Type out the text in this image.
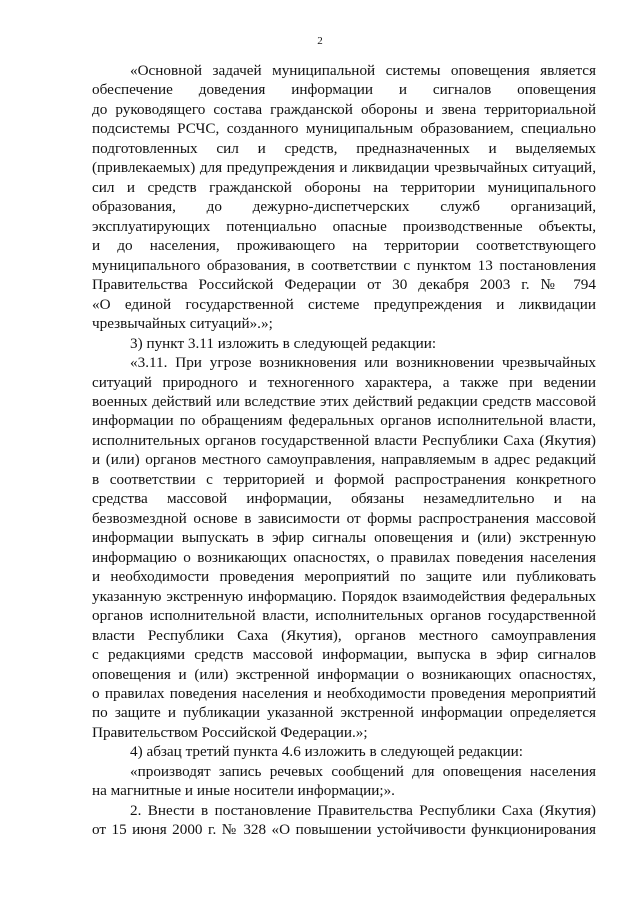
2
«Основной задачей муниципальной системы оповещения является
обеспечение доведения информации и сигналов оповещения
до руководящего состава гражданской обороны и звена территориальной
подсистемы РСЧС, созданного муниципальным образованием, специально
подготовленных сил и средств, предназначенных и выделяемых
(привлекаемых) для предупреждения и ликвидации чрезвычайных ситуаций,
сил и средств гражданской обороны на территории муниципального
образования, до дежурно-диспетчерских служб организаций,
эксплуатирующих потенциально опасные производственные объекты,
и до населения, проживающего на территории соответствующего
муниципального образования, в соответствии с пунктом 13 постановления
Правительства Российской Федерации от 30 декабря 2003 г. № 794
«О единой государственной системе предупреждения и ликвидации
чрезвычайных ситуаций».»;
3) пункт 3.11 изложить в следующей редакции:
«3.11. При угрозе возникновения или возникновении чрезвычайных
ситуаций природного и техногенного характера, а также при ведении
военных действий или вследствие этих действий редакции средств массовой
информации по обращениям федеральных органов исполнительной власти,
исполнительных органов государственной власти Республики Саха (Якутия)
и (или) органов местного самоуправления, направляемым в адрес редакций
в соответствии с территорией и формой распространения конкретного
средства массовой информации, обязаны незамедлительно и на
безвозмездной основе в зависимости от формы распространения массовой
информации выпускать в эфир сигналы оповещения и (или) экстренную
информацию о возникающих опасностях, о правилах поведения населения
и необходимости проведения мероприятий по защите или публиковать
указанную экстренную информацию. Порядок взаимодействия федеральных
органов исполнительной власти, исполнительных органов государственной
власти Республики Саха (Якутия), органов местного самоуправления
с редакциями средств массовой информации, выпуска в эфир сигналов
оповещения и (или) экстренной информации о возникающих опасностях,
о правилах поведения населения и необходимости проведения мероприятий
по защите и публикации указанной экстренной информации определяется
Правительством Российской Федерации.»;
4) абзац третий пункта 4.6 изложить в следующей редакции:
«производят запись речевых сообщений для оповещения населения
на магнитные и иные носители информации;».
2. Внести в постановление Правительства Республики Саха (Якутия)
от 15 июня 2000 г. № 328 «О повышении устойчивости функционирования
